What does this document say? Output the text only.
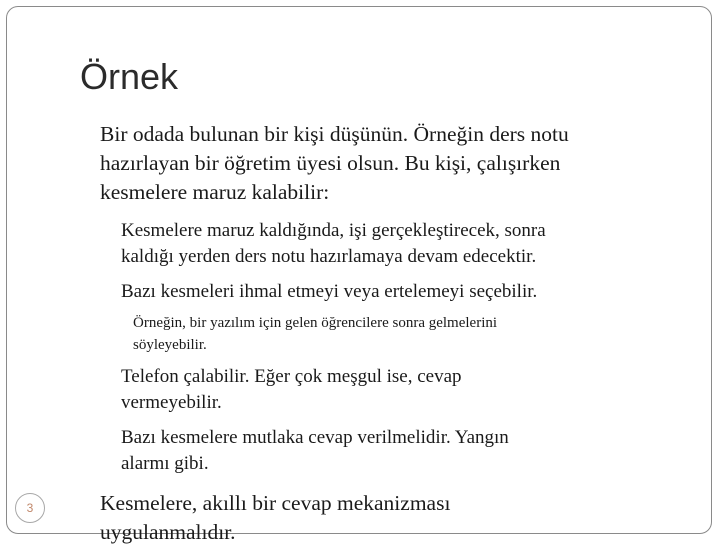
Örnek
Bir odada bulunan bir kişi düşünün. Örneğin ders notu
hazırlayan bir öğretim üyesi olsun. Bu kişi, çalışırken
kesmelere maruz kalabilir:
Kesmelere maruz kaldığında, işi gerçekleştirecek, sonra
kaldığı yerden ders notu hazırlamaya devam edecektir.
Bazı kesmeleri ihmal etmeyi veya ertelemeyi seçebilir.
Örneğin, bir yazılım için gelen öğrencilere sonra gelmelerini
söyleyebilir.
Telefon çalabilir. Eğer çok meşgul ise, cevap
vermeyebilir.
Bazı kesmelere mutlaka cevap verilmelidir. Yangın
alarmı gibi.
Kesmelere, akıllı bir cevap mekanizması
uygulanmalıdır.
3
